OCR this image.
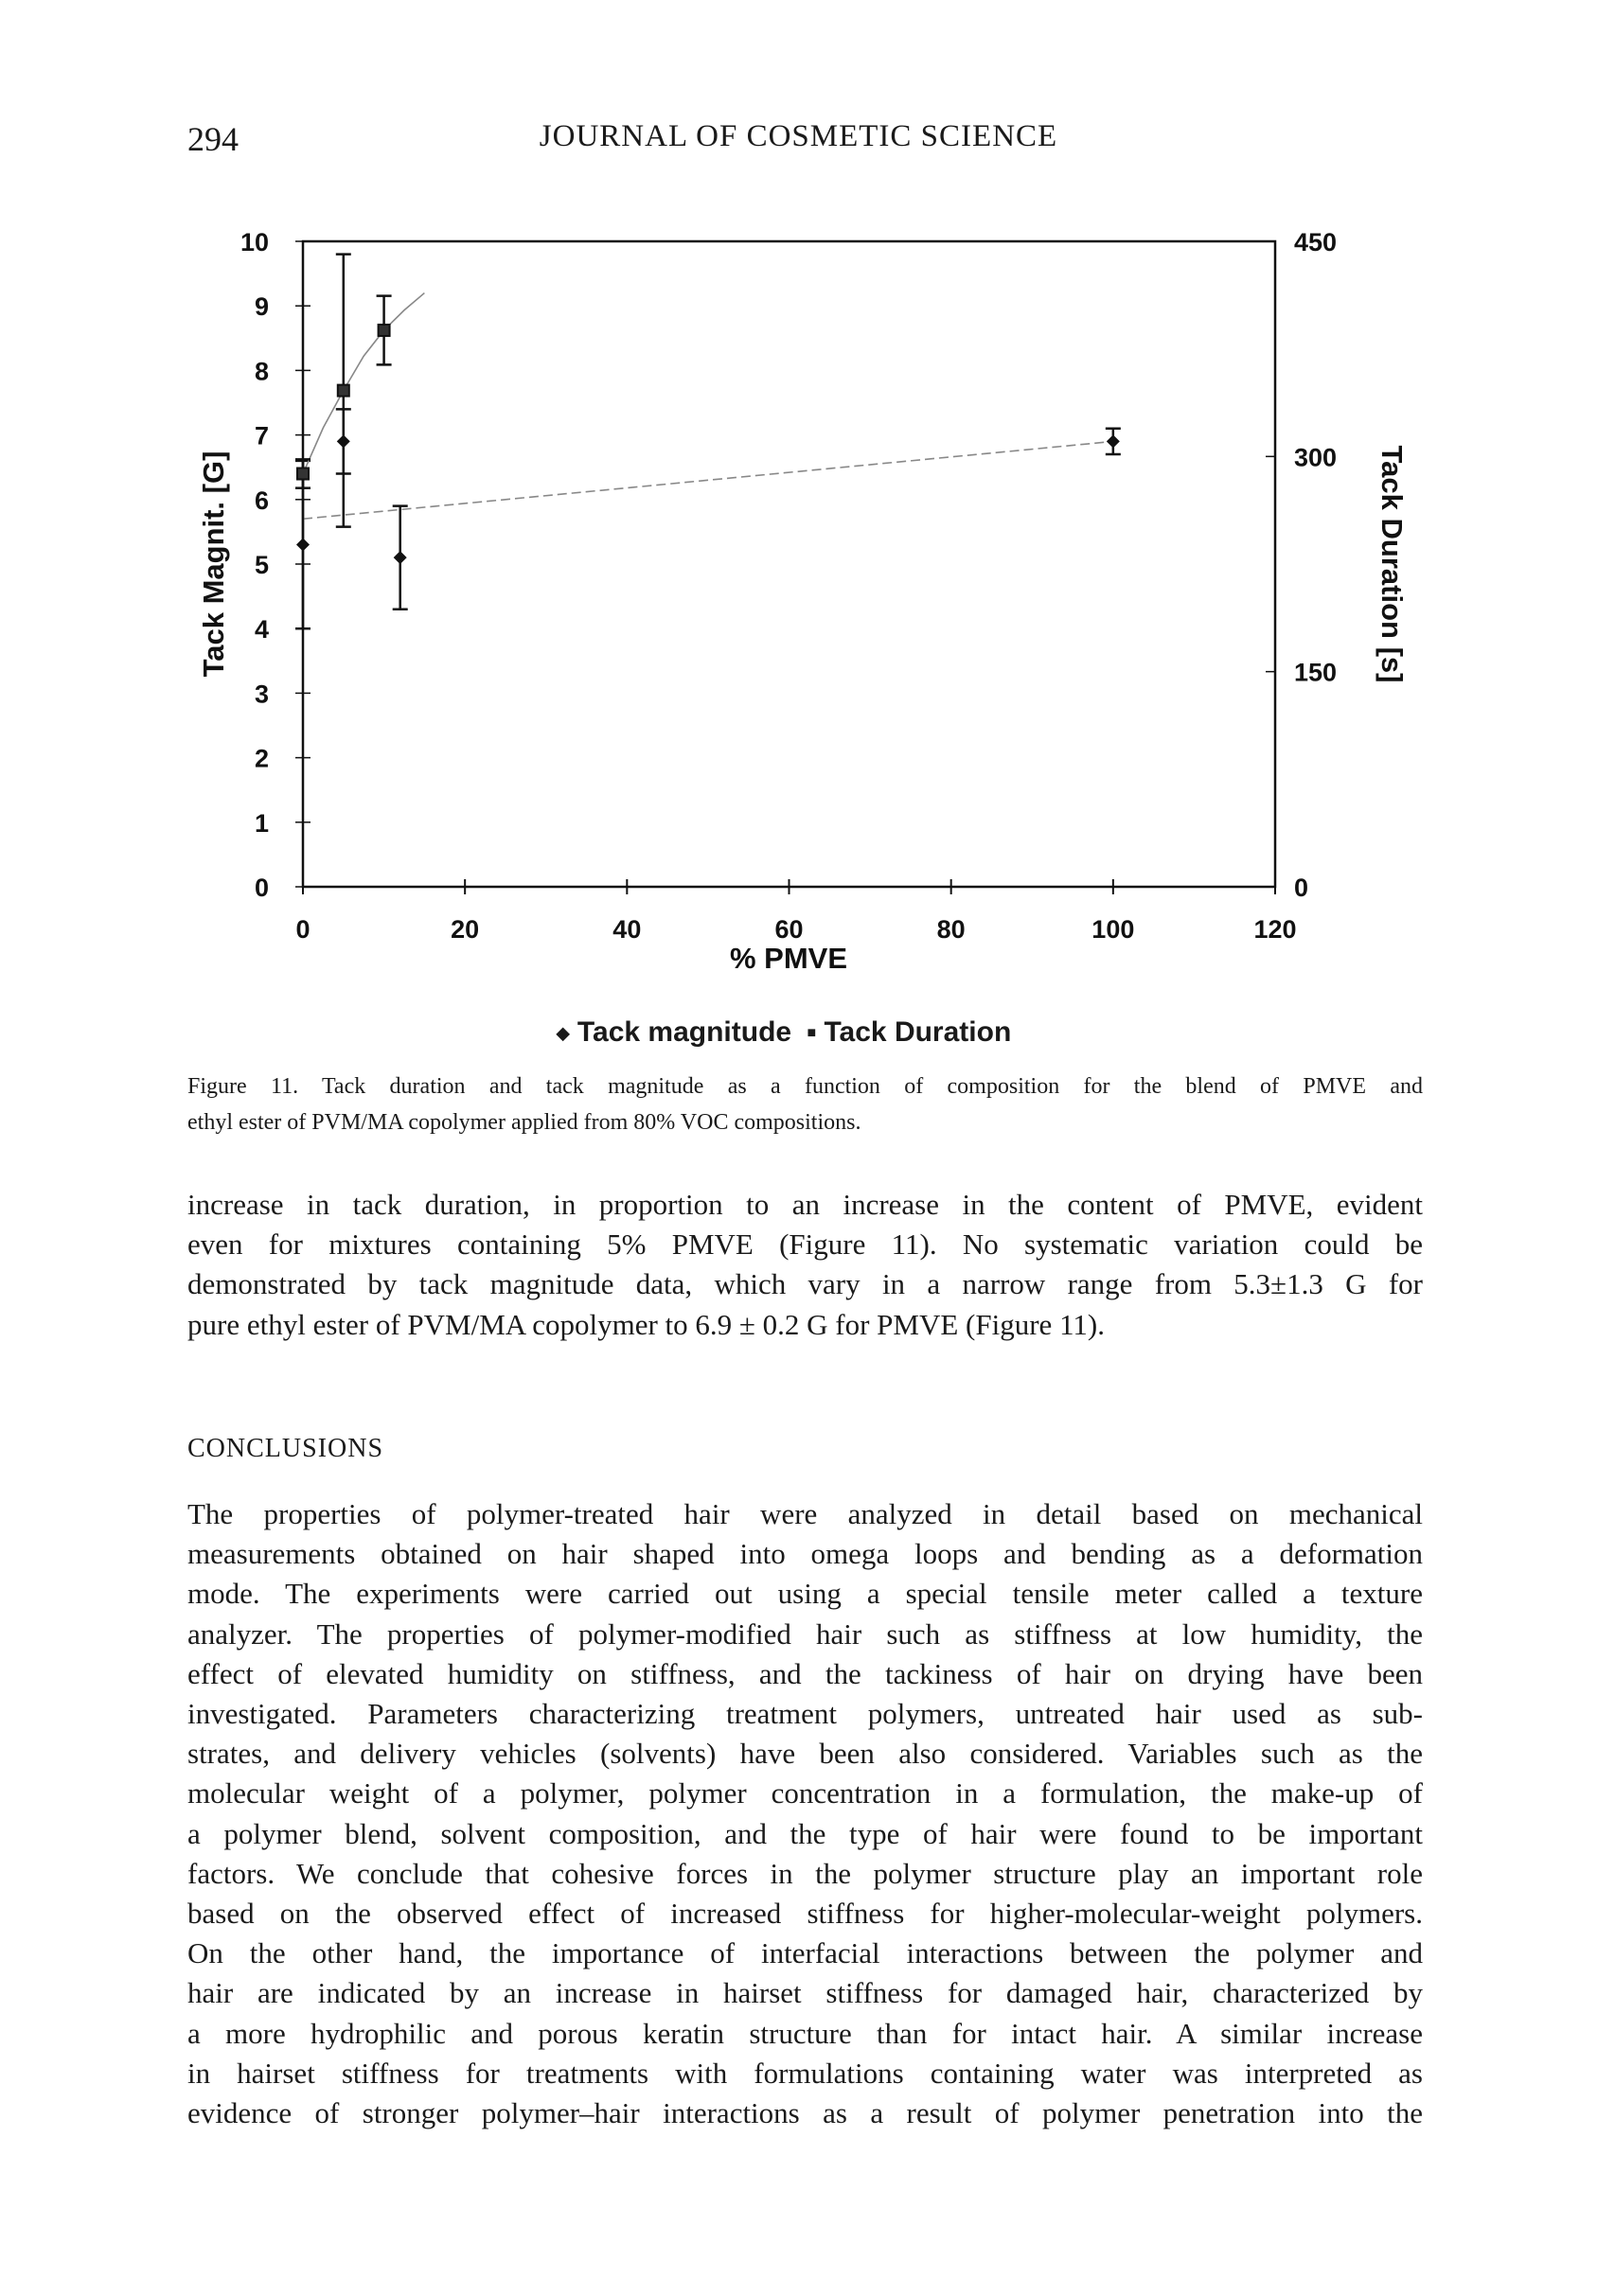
294	JOURNAL OF COSMETIC SCIENCE
0	20	40	60	80	100	120
0
1
2
3
4
5
6
7
8
9
10
0
150
300
450
% PMVE
Tack Magnit. [G]	Tack Duration [s]
◆ Tack magnitude ■ Tack Duration
Figure 11. Tack duration and tack magnitude as a function of composition for the blend of PMVE and
ethyl ester of PVM/MA copolymer applied from 80% VOC compositions.
increase in tack duration, in proportion to an increase in the content of PMVE, evident
even for mixtures containing 5% PMVE (Figure 11). No systematic variation could be
demonstrated by tack magnitude data, which vary in a narrow range from 5.3±1.3 G for
pure ethyl ester of PVM/MA copolymer to 6.9 ± 0.2 G for PMVE (Figure 11).
CONCLUSIONS
The properties of polymer-treated hair were analyzed in detail based on mechanical
measurements obtained on hair shaped into omega loops and bending as a deformation
mode. The experiments were carried out using a special tensile meter called a texture
analyzer. The properties of polymer-modified hair such as stiffness at low humidity, the
effect of elevated humidity on stiffness, and the tackiness of hair on drying have been
investigated. Parameters characterizing treatment polymers, untreated hair used as sub-
strates, and delivery vehicles (solvents) have been also considered. Variables such as the
molecular weight of a polymer, polymer concentration in a formulation, the make-up of
a polymer blend, solvent composition, and the type of hair were found to be important
factors. We conclude that cohesive forces in the polymer structure play an important role
based on the observed effect of increased stiffness for higher-molecular-weight polymers.
On the other hand, the importance of interfacial interactions between the polymer and
hair are indicated by an increase in hairset stiffness for damaged hair, characterized by
a more hydrophilic and porous keratin structure than for intact hair. A similar increase
in hairset stiffness for treatments with formulations containing water was interpreted as
evidence of stronger polymer–hair interactions as a result of polymer penetration into the
